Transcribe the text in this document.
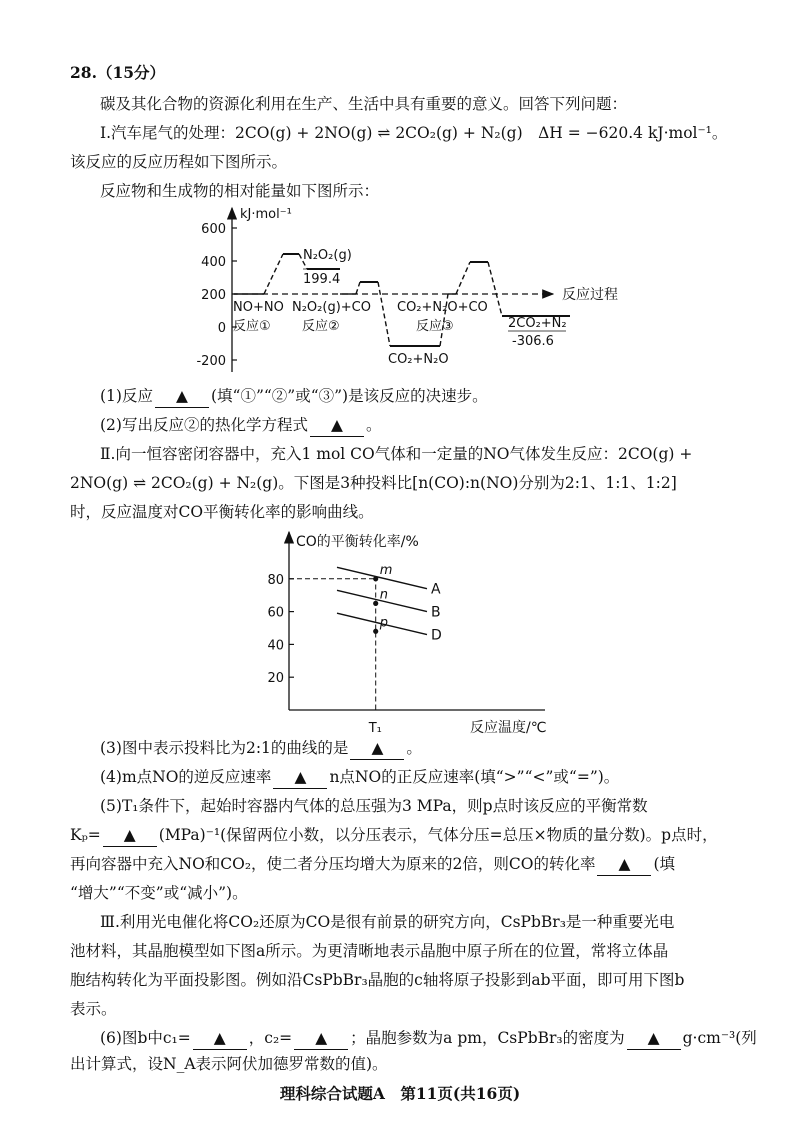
28.（15分）
碳及其化合物的资源化利用在生产、生活中具有重要的意义。回答下列问题：
Ⅰ.汽车尾气的处理：2CO(g) + 2NO(g) ⇌ 2CO₂(g) + N₂(g)　ΔH = −620.4 kJ·mol⁻¹。
该反应的反应历程如下图所示。
反应物和生成物的相对能量如下图所示：
kJ·mol⁻¹
600
400
200
0
-200
反应过程
N₂O₂(g)
199.4
NO+NO
反应①
N₂O₂(g)+CO
反应②
CO₂+N₂O+CO
反应③
CO₂+N₂O
2CO₂+N₂
-306.6
(1)反应 ▲ (填“①”“②”或“③”)是该反应的决速步。
(2)写出反应②的热化学方程式 ▲ 。
Ⅱ.向一恒容密闭容器中，充入1 mol CO气体和一定量的NO气体发生反应：2CO(g) +
2NO(g) ⇌ 2CO₂(g) + N₂(g)。下图是3种投料比[n(CO):n(NO)分别为2:1、1:1、1:2]
时，反应温度对CO平衡转化率的影响曲线。
CO的平衡转化率/%
反应温度/℃
T₁
20
40
60
80
A
B
D
m
n
p
(3)图中表示投料比为2:1的曲线的是 ▲ 。
(4)m点NO的逆反应速率 ▲ n点NO的正反应速率(填“>”“<”或“=”)。
(5)T₁条件下，起始时容器内气体的总压强为3 MPa，则p点时该反应的平衡常数
Kₚ= ▲ (MPa)⁻¹(保留两位小数，以分压表示，气体分压=总压×物质的量分数)。p点时，
再向容器中充入NO和CO₂，使二者分压均增大为原来的2倍，则CO的转化率 ▲ (填
“增大”“不变”或“减小”)。
Ⅲ.利用光电催化将CO₂还原为CO是很有前景的研究方向，CsPbBr₃是一种重要光电
池材料，其晶胞模型如下图a所示。为更清晰地表示晶胞中原子所在的位置，常将立体晶
胞结构转化为平面投影图。例如沿CsPbBr₃晶胞的c轴将原子投影到ab平面，即可用下图b
表示。
(6)图b中c₁= ▲ ，c₂= ▲ ；晶胞参数为a pm，CsPbBr₃的密度为 ▲ g·cm⁻³(列
出计算式，设N_A表示阿伏加德罗常数的值)。
理科综合试题A　第11页(共16页)
